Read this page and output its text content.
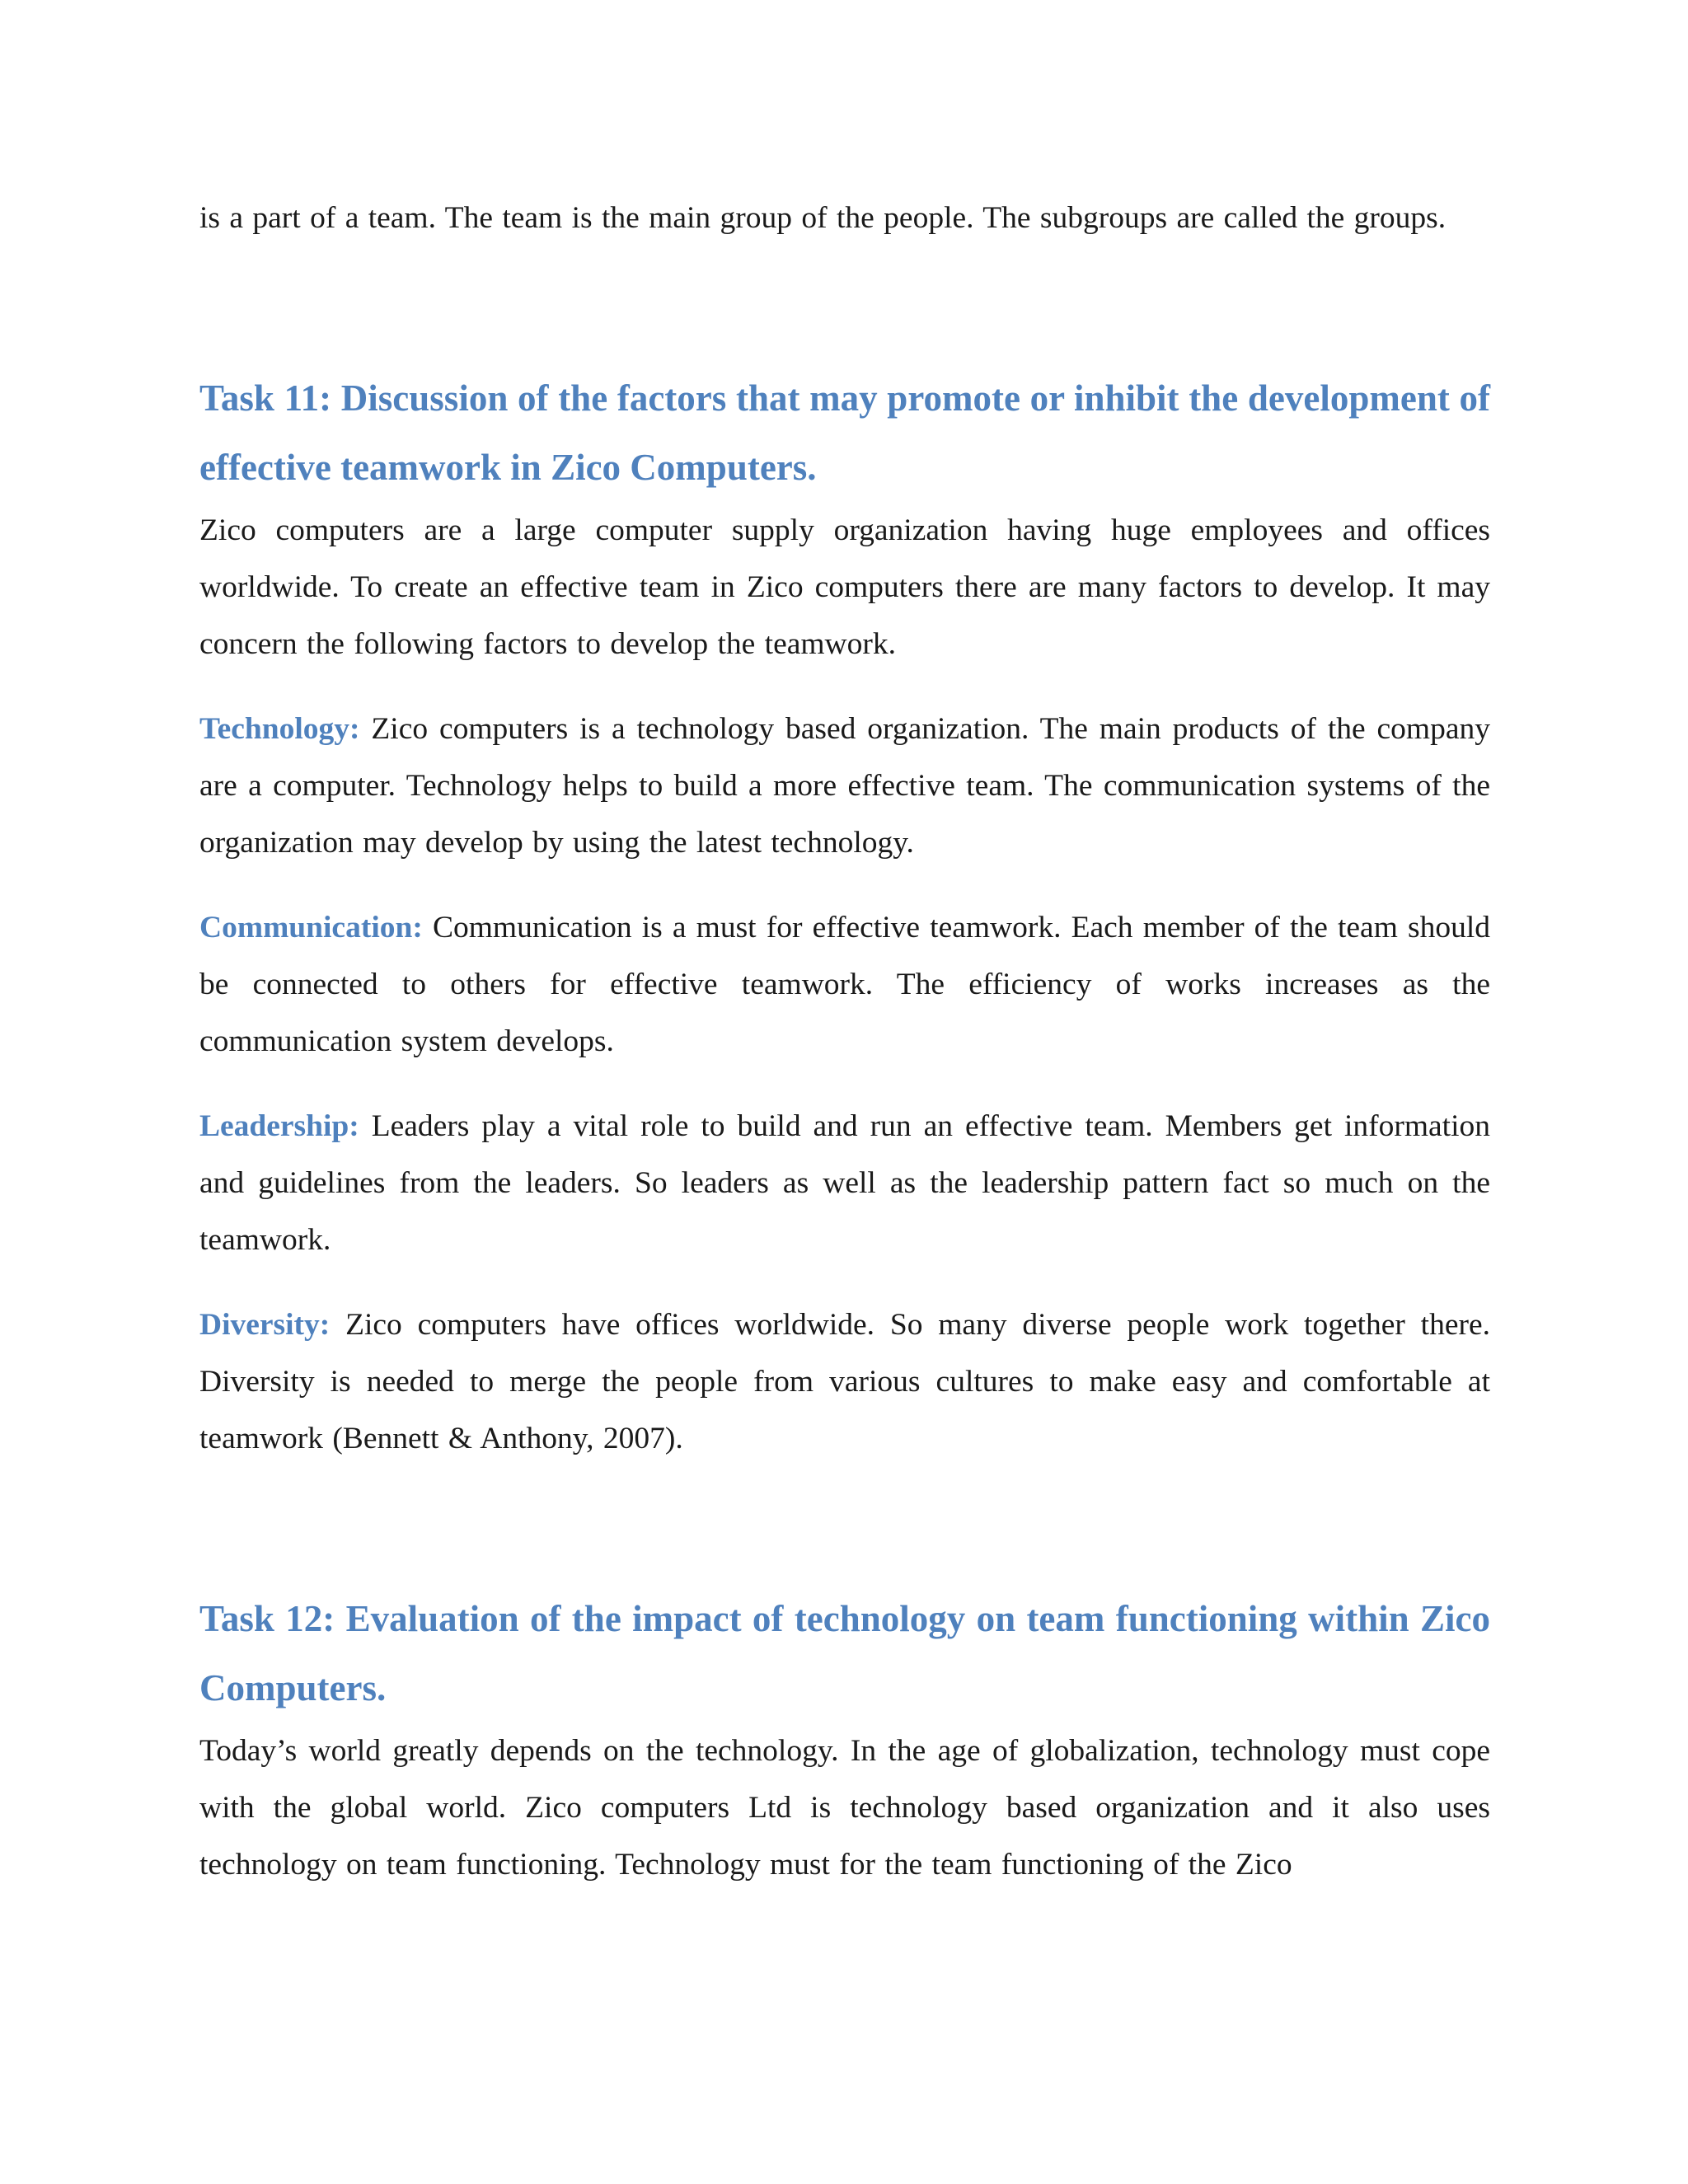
is a part of a team. The team is the main group of the people. The subgroups are called the groups.

Task 11: Discussion of the factors that may promote or inhibit the development of effective teamwork in Zico Computers.

Zico computers are a large computer supply organization having huge employees and offices worldwide. To create an effective team in Zico computers there are many factors to develop. It may concern the following factors to develop the teamwork.

Technology: Zico computers is a technology based organization. The main products of the company are a computer. Technology helps to build a more effective team. The communication systems of the organization may develop by using the latest technology.

Communication: Communication is a must for effective teamwork. Each member of the team should be connected to others for effective teamwork. The efficiency of works increases as the communication system develops.

Leadership: Leaders play a vital role to build and run an effective team. Members get information and guidelines from the leaders. So leaders as well as the leadership pattern fact so much on the teamwork.

Diversity: Zico computers have offices worldwide. So many diverse people work together there. Diversity is needed to merge the people from various cultures to make easy and comfortable at teamwork (Bennett & Anthony, 2007).

Task 12: Evaluation of the impact of technology on team functioning within Zico Computers.

Today’s world greatly depends on the technology. In the age of globalization, technology must cope with the global world. Zico computers Ltd is technology based organization and it also uses technology on team functioning. Technology must for the team functioning of the Zico
